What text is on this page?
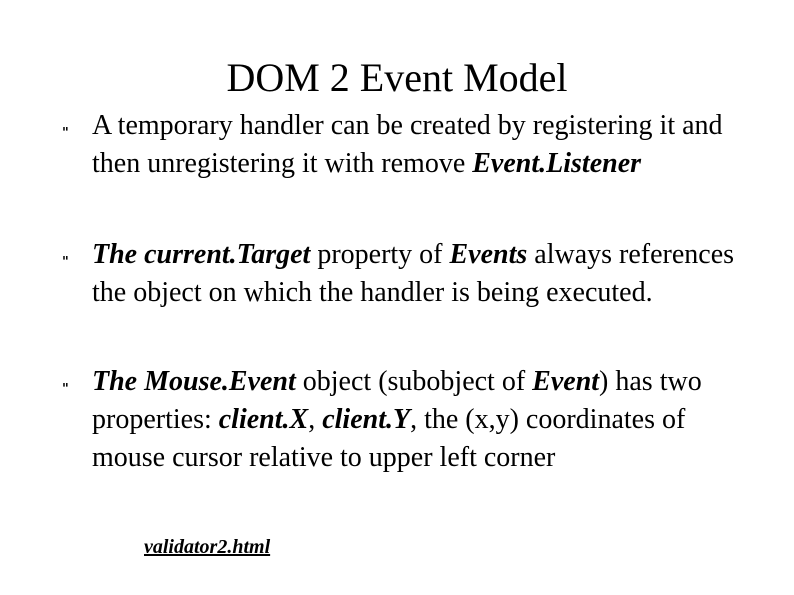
DOM 2 Event Model
" A temporary handler can be created by registering it and then unregistering it with remove Event.Listener
" The current.Target property of Events always references the object on which the handler is being executed.
" The Mouse.Event object (subobject of Event) has two properties: client.X, client.Y, the (x,y) coordinates of mouse cursor relative to upper left corner
validator2.html
